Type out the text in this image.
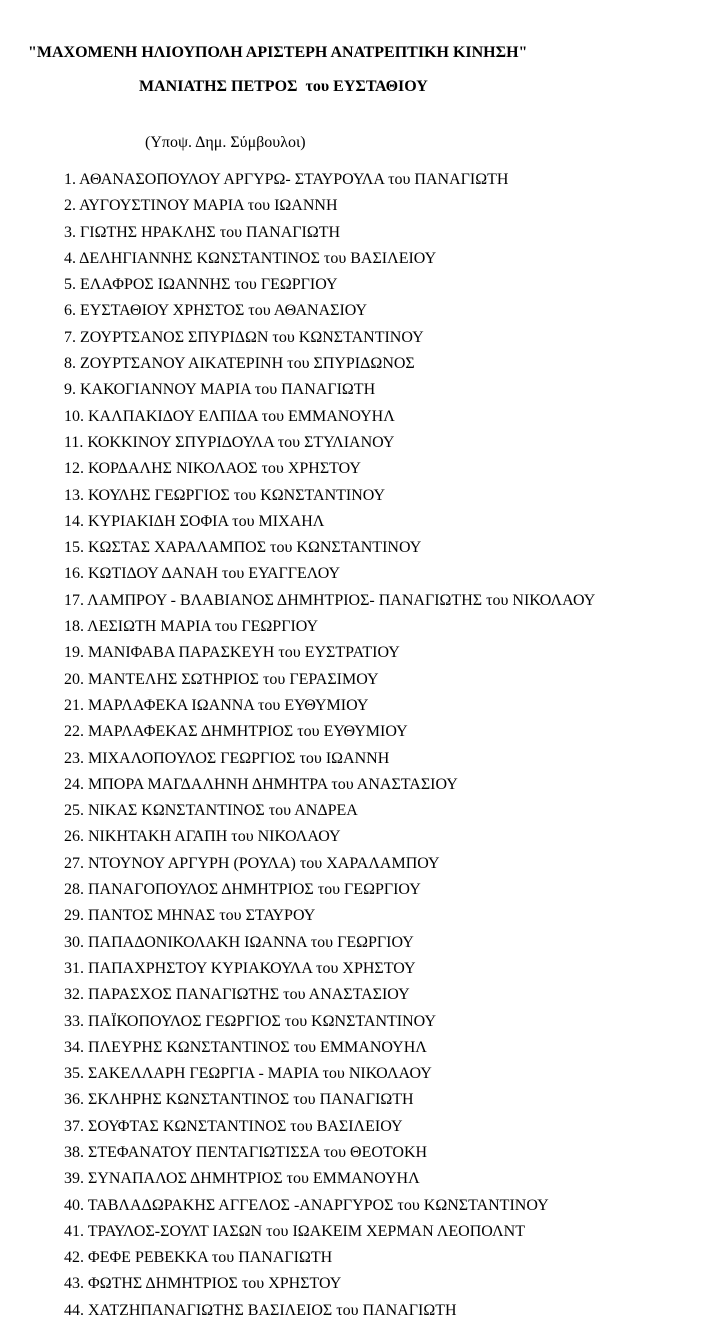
"ΜΑΧΟΜΕΝΗ ΗΛΙΟΥΠΟΛΗ ΑΡΙΣΤΕΡΗ ΑΝΑΤΡΕΠΤΙΚΗ ΚΙΝΗΣΗ"
ΜΑΝΙΑΤΗΣ ΠΕΤΡΟΣ  του ΕΥΣΤΑΘΙΟΥ

(Υποψ. Δημ. Σύμβουλοι)

1. ΑΘΑΝΑΣΟΠΟΥΛΟΥ ΑΡΓΥΡΩ- ΣΤΑΥΡΟΥΛΑ του ΠΑΝΑΓΙΩΤΗ
2. ΑΥΓΟΥΣΤΙΝΟΥ ΜΑΡΙΑ του ΙΩΑΝΝΗ
3. ΓΙΩΤΗΣ ΗΡΑΚΛΗΣ του ΠΑΝΑΓΙΩΤΗ
4. ΔΕΛΗΓΙΑΝΝΗΣ ΚΩΝΣΤΑΝΤΙΝΟΣ του ΒΑΣΙΛΕΙΟΥ
5. ΕΛΑΦΡΟΣ ΙΩΑΝΝΗΣ του ΓΕΩΡΓΙΟΥ
6. ΕΥΣΤΑΘΙΟΥ ΧΡΗΣΤΟΣ του ΑΘΑΝΑΣΙΟΥ
7. ΖΟΥΡΤΣΑΝΟΣ ΣΠΥΡΙΔΩΝ του ΚΩΝΣΤΑΝΤΙΝΟΥ
8. ΖΟΥΡΤΣΑΝΟΥ ΑΙΚΑΤΕΡΙΝΗ του ΣΠΥΡΙΔΩΝΟΣ
9. ΚΑΚΟΓΙΑΝΝΟΥ ΜΑΡΙΑ του ΠΑΝΑΓΙΩΤΗ
10. ΚΑΛΠΑΚΙΔΟΥ ΕΛΠΙΔΑ του ΕΜΜΑΝΟΥΗΛ
11. ΚΟΚΚΙΝΟΥ ΣΠΥΡΙΔΟΥΛΑ του ΣΤΥΛΙΑΝΟΥ
12. ΚΟΡΔΑΛΗΣ ΝΙΚΟΛΑΟΣ του ΧΡΗΣΤΟΥ
13. ΚΟΥΛΗΣ ΓΕΩΡΓΙΟΣ του ΚΩΝΣΤΑΝΤΙΝΟΥ
14. ΚΥΡΙΑΚΙΔΗ ΣΟΦΙΑ του ΜΙΧΑΗΛ
15. ΚΩΣΤΑΣ ΧΑΡΑΛΑΜΠΟΣ του ΚΩΝΣΤΑΝΤΙΝΟΥ
16. ΚΩΤΙΔΟΥ ΔΑΝΑΗ του ΕΥΑΓΓΕΛΟΥ
17. ΛΑΜΠΡΟΥ - ΒΛΑΒΙΑΝΟΣ ΔΗΜΗΤΡΙΟΣ- ΠΑΝΑΓΙΩΤΗΣ του ΝΙΚΟΛΑΟΥ
18. ΛΕΣΙΩΤΗ ΜΑΡΙΑ του ΓΕΩΡΓΙΟΥ
19. ΜΑΝΙΦΑΒΑ ΠΑΡΑΣΚΕΥΗ του ΕΥΣΤΡΑΤΙΟΥ
20. ΜΑΝΤΕΛΗΣ ΣΩΤΗΡΙΟΣ του ΓΕΡΑΣΙΜΟΥ
21. ΜΑΡΛΑΦΕΚΑ ΙΩΑΝΝΑ του ΕΥΘΥΜΙΟΥ
22. ΜΑΡΛΑΦΕΚΑΣ ΔΗΜΗΤΡΙΟΣ του ΕΥΘΥΜΙΟΥ
23. ΜΙΧΑΛΟΠΟΥΛΟΣ ΓΕΩΡΓΙΟΣ του ΙΩΑΝΝΗ
24. ΜΠΟΡΑ ΜΑΓΔΑΛΗΝΗ ΔΗΜΗΤΡΑ του ΑΝΑΣΤΑΣΙΟΥ
25. ΝΙΚΑΣ ΚΩΝΣΤΑΝΤΙΝΟΣ του ΑΝΔΡΕΑ
26. ΝΙΚΗΤΑΚΗ ΑΓΑΠΗ του ΝΙΚΟΛΑΟΥ
27. ΝΤΟΥΝΟΥ ΑΡΓΥΡΗ (ΡΟΥΛΑ) του ΧΑΡΑΛΑΜΠΟΥ
28. ΠΑΝΑΓΟΠΟΥΛΟΣ ΔΗΜΗΤΡΙΟΣ του ΓΕΩΡΓΙΟΥ
29. ΠΑΝΤΟΣ ΜΗΝΑΣ του ΣΤΑΥΡΟΥ
30. ΠΑΠΑΔΟΝΙΚΟΛΑΚΗ ΙΩΑΝΝΑ του ΓΕΩΡΓΙΟΥ
31. ΠΑΠΑΧΡΗΣΤΟΥ ΚΥΡΙΑΚΟΥΛΑ του ΧΡΗΣΤΟΥ
32. ΠΑΡΑΣΧΟΣ ΠΑΝΑΓΙΩΤΗΣ του ΑΝΑΣΤΑΣΙΟΥ
33. ΠΑΪΚΟΠΟΥΛΟΣ ΓΕΩΡΓΙΟΣ του ΚΩΝΣΤΑΝΤΙΝΟΥ
34. ΠΛΕΥΡΗΣ ΚΩΝΣΤΑΝΤΙΝΟΣ του ΕΜΜΑΝΟΥΗΛ
35. ΣΑΚΕΛΛΑΡΗ ΓΕΩΡΓΙΑ - ΜΑΡΙΑ του ΝΙΚΟΛΑΟΥ
36. ΣΚΛΗΡΗΣ ΚΩΝΣΤΑΝΤΙΝΟΣ του ΠΑΝΑΓΙΩΤΗ
37. ΣΟΥΦΤΑΣ ΚΩΝΣΤΑΝΤΙΝΟΣ του ΒΑΣΙΛΕΙΟΥ
38. ΣΤΕΦΑΝΑΤΟΥ ΠΕΝΤΑΓΙΩΤΙΣΣΑ του ΘΕΟΤΟΚΗ
39. ΣΥΝΑΠΑΛΟΣ ΔΗΜΗΤΡΙΟΣ του ΕΜΜΑΝΟΥΗΛ
40. ΤΑΒΛΑΔΩΡΑΚΗΣ ΑΓΓΕΛΟΣ -ΑΝΑΡΓΥΡΟΣ του ΚΩΝΣΤΑΝΤΙΝΟΥ
41. ΤΡΑΥΛΟΣ-ΣΟΥΛΤ ΙΑΣΩΝ του ΙΩΑΚΕΙΜ ΧΕΡΜΑΝ ΛΕΟΠΟΛΝΤ
42. ΦΕΦΕ ΡΕΒΕΚΚΑ του ΠΑΝΑΓΙΩΤΗ
43. ΦΩΤΗΣ ΔΗΜΗΤΡΙΟΣ του ΧΡΗΣΤΟΥ
44. ΧΑΤΖΗΠΑΝΑΓΙΩΤΗΣ ΒΑΣΙΛΕΙΟΣ του ΠΑΝΑΓΙΩΤΗ
